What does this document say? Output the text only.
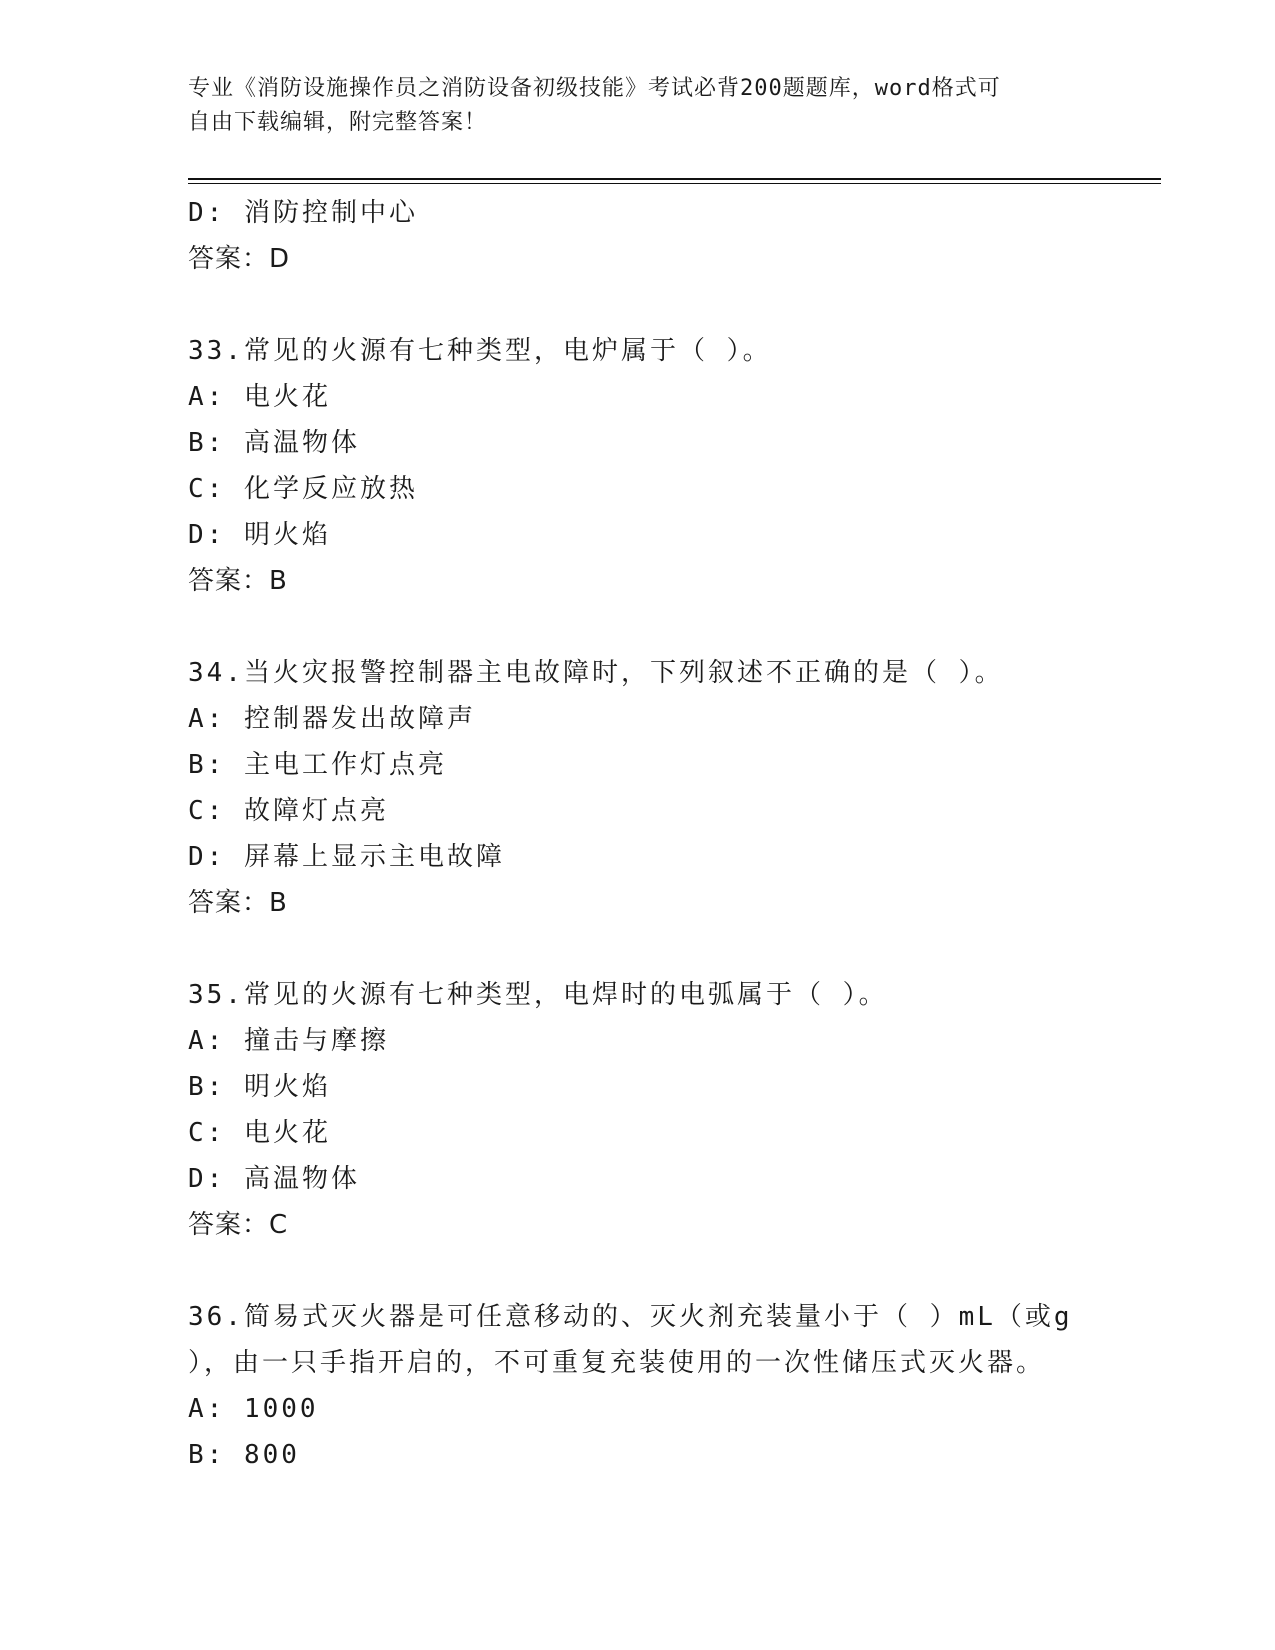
专业《消防设施操作员之消防设备初级技能》考试必背200题题库，word格式可
自由下载编辑，附完整答案！
D: 消防控制中心
答案：D
33.常见的火源有七种类型，电炉属于（ ）。
A: 电火花
B: 高温物体
C: 化学反应放热
D: 明火焰
答案：B
34.当火灾报警控制器主电故障时，下列叙述不正确的是（ ）。
A: 控制器发出故障声
B: 主电工作灯点亮
C: 故障灯点亮
D: 屏幕上显示主电故障
答案：B
35.常见的火源有七种类型，电焊时的电弧属于（ ）。
A: 撞击与摩擦
B: 明火焰
C: 电火花
D: 高温物体
答案：C
36.简易式灭火器是可任意移动的、灭火剂充装量小于（ ）mL（或g
），由一只手指开启的，不可重复充装使用的一次性储压式灭火器。
A: 1000
B: 800
